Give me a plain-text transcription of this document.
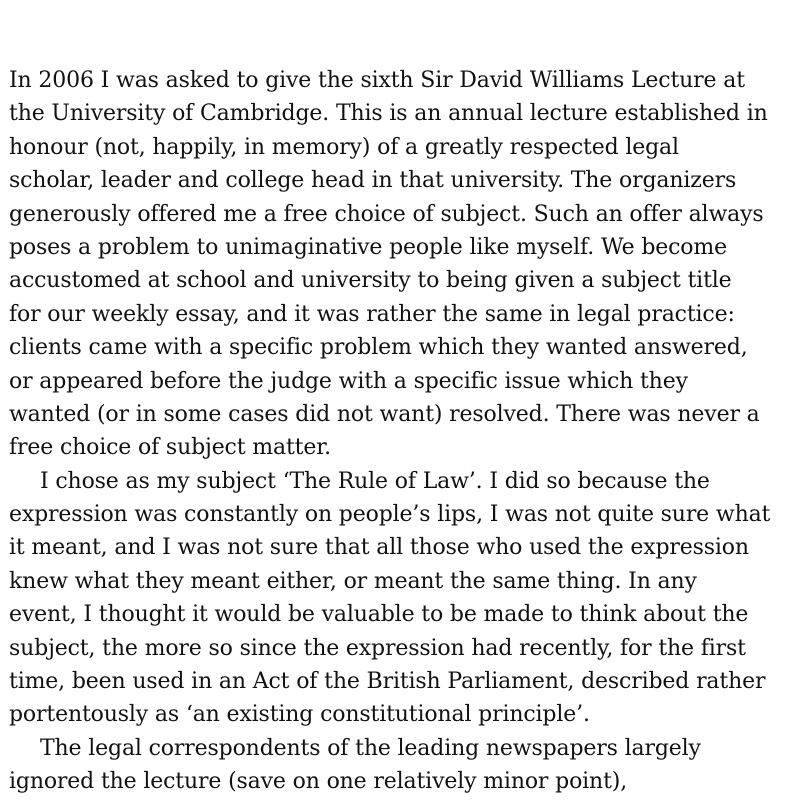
In 2006 I was asked to give the sixth Sir David Williams Lecture at
the University of Cambridge. This is an annual lecture established in
honour (not, happily, in memory) of a greatly respected legal
scholar, leader and college head in that university. The organizers
generously offered me a free choice of subject. Such an offer always
poses a problem to unimaginative people like myself. We become
accustomed at school and university to being given a subject title
for our weekly essay, and it was rather the same in legal practice:
clients came with a specific problem which they wanted answered,
or appeared before the judge with a specific issue which they
wanted (or in some cases did not want) resolved. There was never a
free choice of subject matter.
I chose as my subject ‘The Rule of Law’. I did so because the
expression was constantly on people’s lips, I was not quite sure what
it meant, and I was not sure that all those who used the expression
knew what they meant either, or meant the same thing. In any
event, I thought it would be valuable to be made to think about the
subject, the more so since the expression had recently, for the first
time, been used in an Act of the British Parliament, described rather
portentously as ‘an existing constitutional principle’.
The legal correspondents of the leading newspapers largely
ignored the lecture (save on one relatively minor point),
